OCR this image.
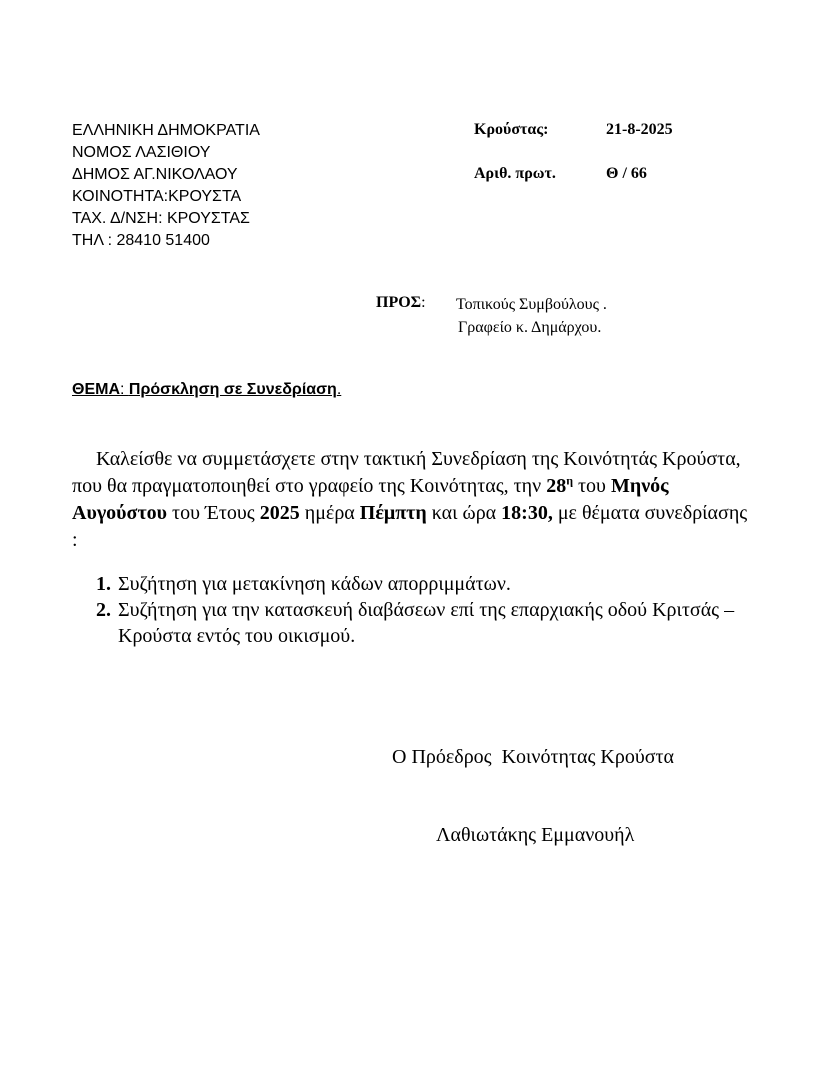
ΕΛΛΗΝΙΚΗ ΔΗΜΟΚΡΑΤΙΑ
ΝΟΜΟΣ ΛΑΣΙΘΙΟΥ
ΔΗΜΟΣ ΑΓ.ΝΙΚΟΛΑΟΥ
ΚΟΙΝΟΤΗΤΑ:ΚΡΟΥΣΤΑ
ΤΑΧ. Δ/ΝΣΗ: ΚΡΟΥΣΤΑΣ
ΤΗΛ : 28410 51400
Κρούστας:	21-8-2025
Αριθ. πρωτ.	Θ / 66
ΠΡΟΣ: Τοπικούς Συμβούλους .
Γραφείο κ. Δημάρχου.
ΘΕΜΑ: Πρόσκληση σε Συνεδρίαση.
Καλείσθε να συμμετάσχετε στην τακτική Συνεδρίαση της Κοινότητάς Κρούστα, που θα πραγματοποιηθεί στο γραφείο της Κοινότητας, την $28^\eta$ του Μηνός Αυγούστου του Έτους 2025 ημέρα Πέμπτη και ώρα 18:30, με θέματα συνεδρίασης :
1. Συζήτηση για μετακίνηση κάδων απορριμμάτων.
2. Συζήτηση για την κατασκευή διαβάσεων επί της επαρχιακής οδού Κριτσάς – Κρούστα εντός του οικισμού.
Ο Πρόεδρος  Κοινότητας Κρούστα
Λαθιωτάκης Εμμανουήλ
